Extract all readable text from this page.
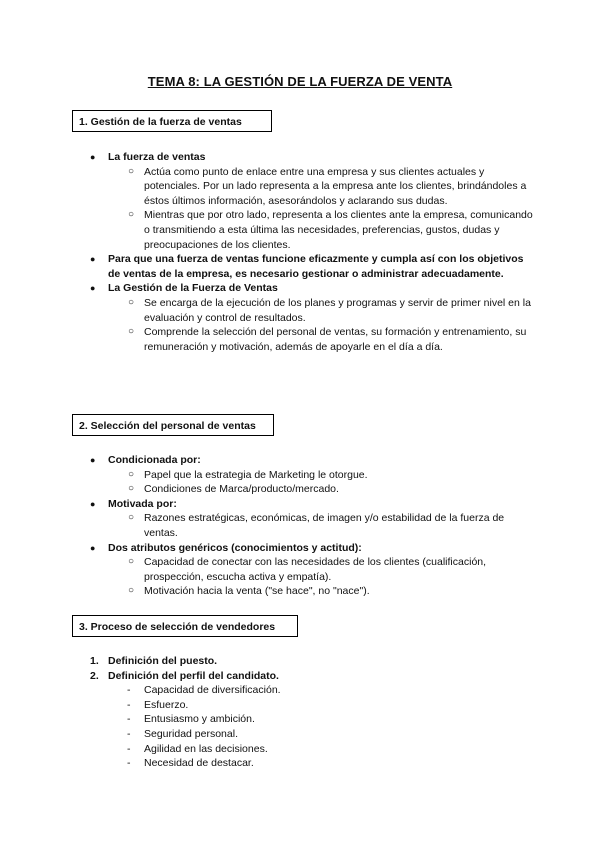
TEMA 8: LA GESTIÓN DE LA FUERZA DE VENTA
1. Gestión de la fuerza de ventas
● La fuerza de ventas
○ Actúa como punto de enlace entre una empresa y sus clientes actuales y potenciales. Por un lado representa a la empresa ante los clientes, brindándoles a éstos últimos información, asesorándolos y aclarando sus dudas.
○ Mientras que por otro lado, representa a los clientes ante la empresa, comunicando o transmitiendo a esta última las necesidades, preferencias, gustos, dudas y preocupaciones de los clientes.
● Para que una fuerza de ventas funcione eficazmente y cumpla así con los objetivos de ventas de la empresa, es necesario gestionar o administrar adecuadamente.
● La Gestión de la Fuerza de Ventas
○ Se encarga de la ejecución de los planes y programas y servir de primer nivel en la evaluación y control de resultados.
○ Comprende la selección del personal de ventas, su formación y entrenamiento, su remuneración y motivación, además de apoyarle en el día a día.
2. Selección del personal de ventas
● Condicionada por:
○ Papel que la estrategia de Marketing le otorgue.
○ Condiciones de Marca/producto/mercado.
● Motivada por:
○ Razones estratégicas, económicas, de imagen y/o estabilidad de la fuerza de ventas.
● Dos atributos genéricos (conocimientos y actitud):
○ Capacidad de conectar con las necesidades de los clientes (cualificación, prospección, escucha activa y empatía).
○ Motivación hacia la venta ("se hace", no "nace").
3. Proceso de selección de vendedores
1. Definición del puesto.
2. Definición del perfil del candidato.
- Capacidad de diversificación.
- Esfuerzo.
- Entusiasmo y ambición.
- Seguridad personal.
- Agilidad en las decisiones.
- Necesidad de destacar.
